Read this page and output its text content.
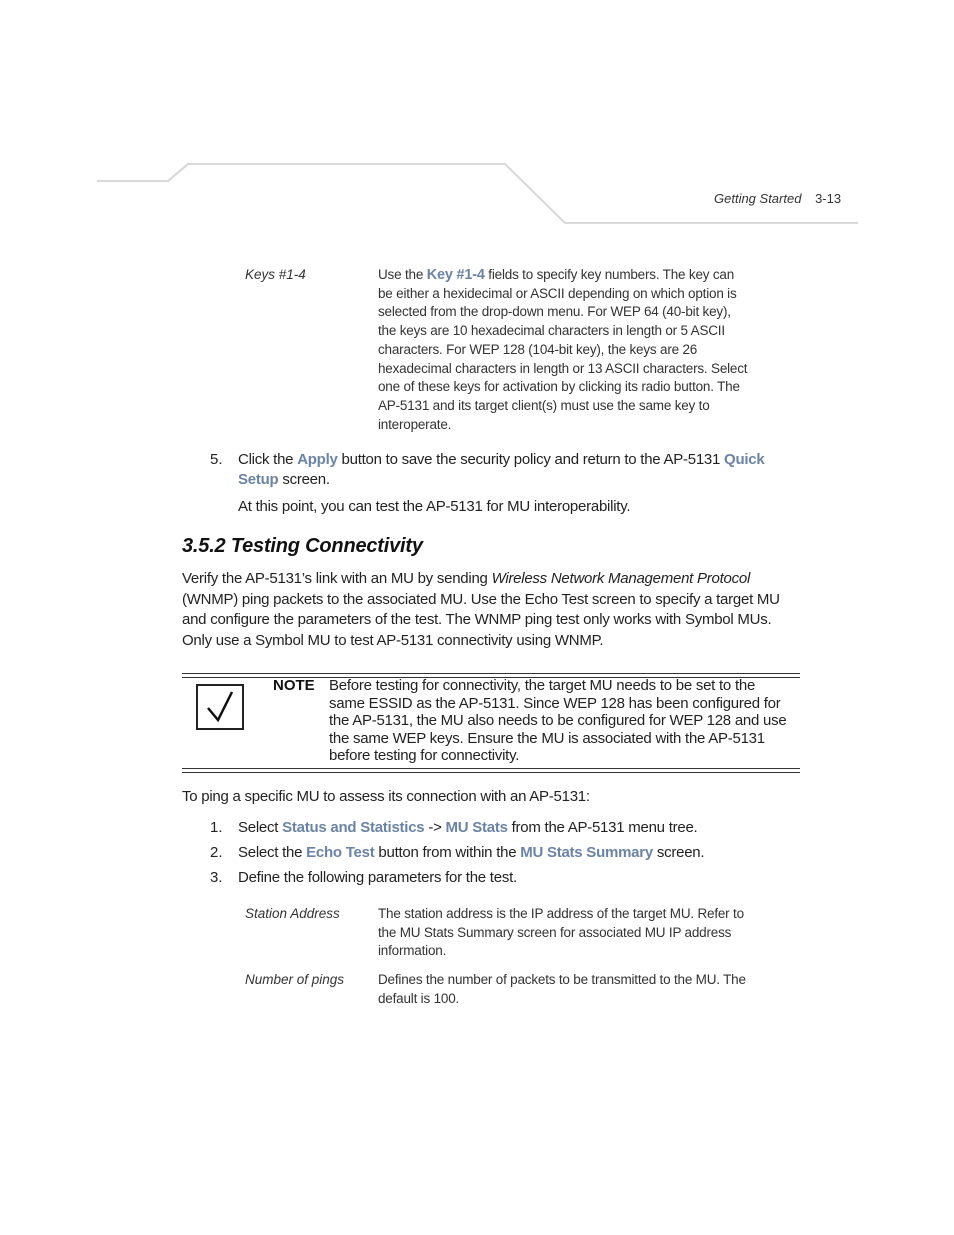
Getting Started 3-13
Keys #1-4	Use the Key #1-4 fields to specify key numbers. The key can be either a hexidecimal or ASCII depending on which option is selected from the drop-down menu. For WEP 64 (40-bit key), the keys are 10 hexadecimal characters in length or 5 ASCII characters. For WEP 128 (104-bit key), the keys are 26 hexadecimal characters in length or 13 ASCII characters. Select one of these keys for activation by clicking its radio button. The AP-5131 and its target client(s) must use the same key to interoperate.
5. Click the Apply button to save the security policy and return to the AP-5131 Quick Setup screen.
At this point, you can test the AP-5131 for MU interoperability.
3.5.2 Testing Connectivity
Verify the AP-5131’s link with an MU by sending Wireless Network Management Protocol (WNMP) ping packets to the associated MU. Use the Echo Test screen to specify a target MU and configure the parameters of the test. The WNMP ping test only works with Symbol MUs. Only use a Symbol MU to test AP-5131 connectivity using WNMP.
NOTE Before testing for connectivity, the target MU needs to be set to the same ESSID as the AP-5131. Since WEP 128 has been configured for the AP-5131, the MU also needs to be configured for WEP 128 and use the same WEP keys. Ensure the MU is associated with the AP-5131 before testing for connectivity.
To ping a specific MU to assess its connection with an AP-5131:
1. Select Status and Statistics -> MU Stats from the AP-5131 menu tree.
2. Select the Echo Test button from within the MU Stats Summary screen.
3. Define the following parameters for the test.
Station Address	The station address is the IP address of the target MU. Refer to the MU Stats Summary screen for associated MU IP address information.
Number of pings	Defines the number of packets to be transmitted to the MU. The default is 100.
